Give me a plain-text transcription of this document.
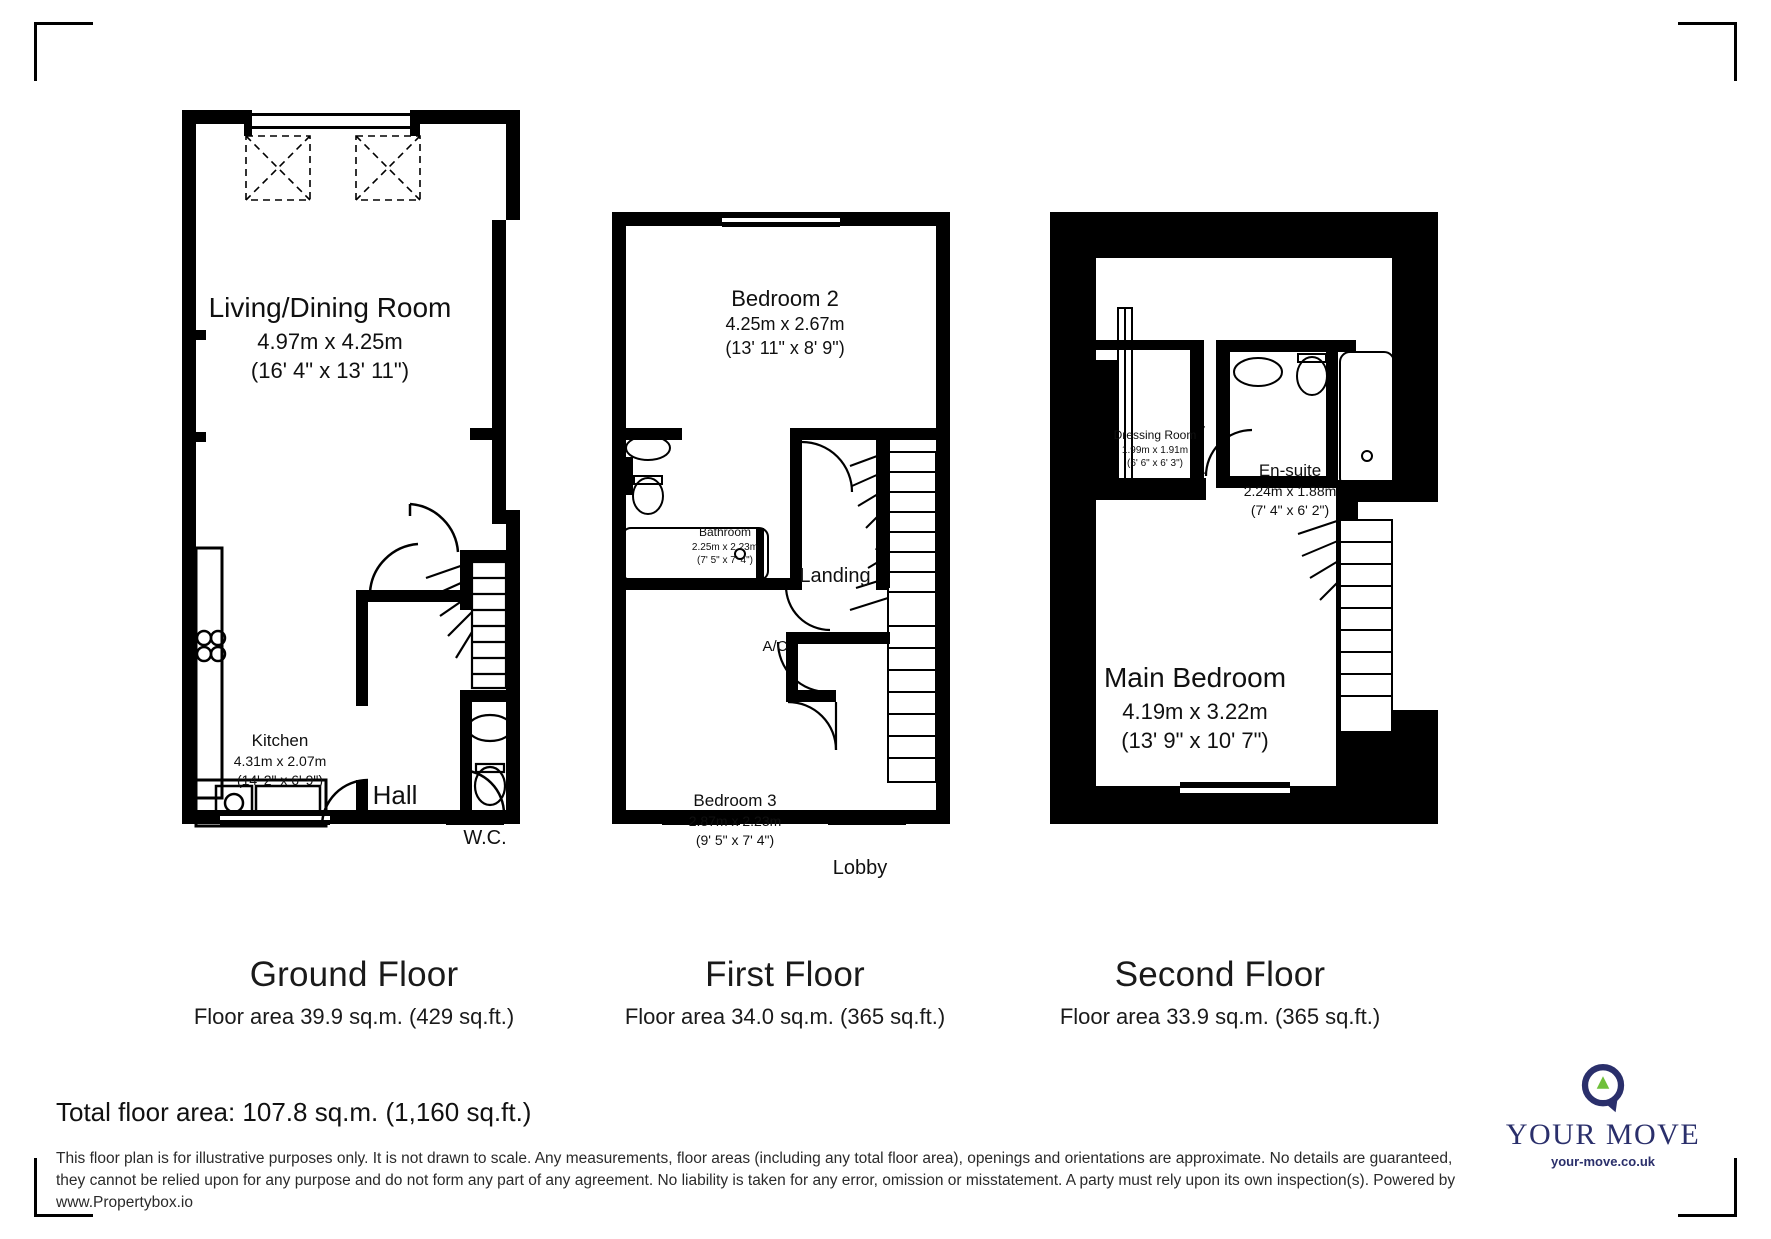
Living/Dining Room
4.97m x 4.25m
(16' 4" x 13' 11")
Kitchen
4.31m x 2.07m
(14' 2" x 6' 9")
Hall
W.C.
Ground Floor
Floor area 39.9 sq.m. (429 sq.ft.)
Bedroom 2
4.25m x 2.67m
(13' 11" x 8' 9")
Bathroom
2.25m x 2.23m
(7' 5" x 7' 4")
Bedroom 3
2.87m x 2.23m
(9' 5" x 7' 4")
Landing
Lobby
A/C
First Floor
Floor area 34.0 sq.m. (365 sq.ft.)
Main Bedroom
4.19m x 3.22m
(13' 9" x 10' 7")
En-suite
2.24m x 1.88m
(7' 4" x 6' 2")
Dressing Room
1.99m x 1.91m
(6' 6" x 6' 3")
Second Floor
Floor area 33.9 sq.m. (365 sq.ft.)
Total floor area: 107.8 sq.m. (1,160 sq.ft.)
This floor plan is for illustrative purposes only. It is not drawn to scale. Any measurements, floor areas (including any total floor area), openings and orientations are approximate. No details are guaranteed, they cannot be relied upon for any purpose and do not form any part of any agreement. No liability is taken for any error, omission or misstatement. A party must rely upon its own inspection(s). Powered by www.Propertybox.io
YOUR MOVE
your-move.co.uk
